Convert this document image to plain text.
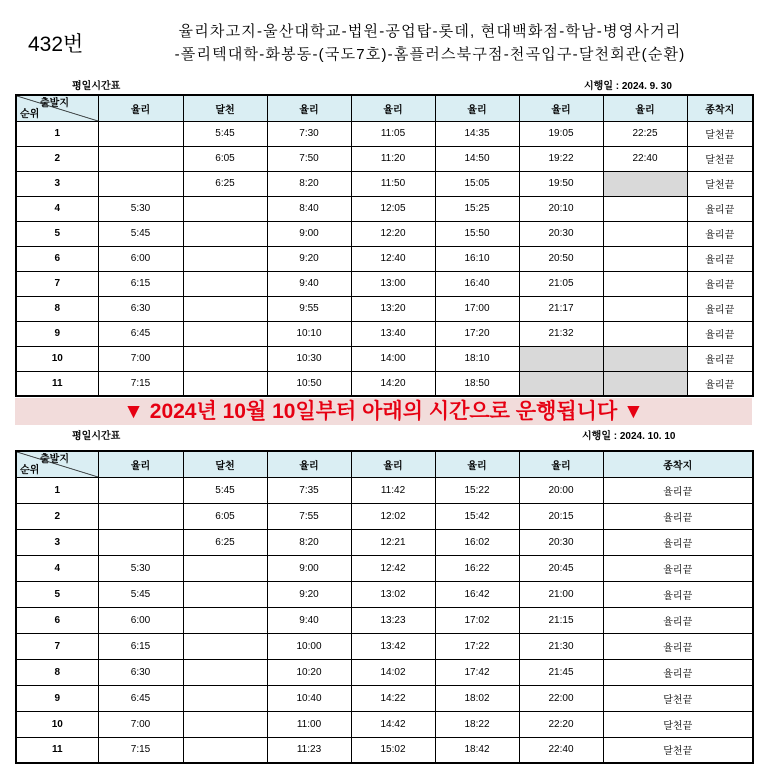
432번
율리차고지-울산대학교-법원-공업탑-롯데, 현대백화점-학남-병영사거리
-폴리텍대학-화봉동-(국도7호)-홈플러스북구점-천곡입구-달천회관(순환)
평일시간표	시행일 : 2024. 9. 30
출발지
순위	율리	달천	율리	율리	율리	율리	율리	종착지
1		5:45	7:30	11:05	14:35	19:05	22:25	달천끝
2		6:05	7:50	11:20	14:50	19:22	22:40	달천끝
3		6:25	8:20	11:50	15:05	19:50		달천끝
4	5:30		8:40	12:05	15:25	20:10		율리끝
5	5:45		9:00	12:20	15:50	20:30		율리끝
6	6:00		9:20	12:40	16:10	20:50		율리끝
7	6:15		9:40	13:00	16:40	21:05		율리끝
8	6:30		9:55	13:20	17:00	21:17		율리끝
9	6:45		10:10	13:40	17:20	21:32		율리끝
10	7:00		10:30	14:00	18:10			율리끝
11	7:15		10:50	14:20	18:50			율리끝
▼ 2024년 10월 10일부터 아래의 시간으로 운행됩니다 ▼
평일시간표	시행일 : 2024. 10. 10
출발지
순위	율리	달천	율리	율리	율리	율리	종착지
1		5:45	7:35	11:42	15:22	20:00	율리끝
2		6:05	7:55	12:02	15:42	20:15	율리끝
3		6:25	8:20	12:21	16:02	20:30	율리끝
4	5:30		9:00	12:42	16:22	20:45	율리끝
5	5:45		9:20	13:02	16:42	21:00	율리끝
6	6:00		9:40	13:23	17:02	21:15	율리끝
7	6:15		10:00	13:42	17:22	21:30	율리끝
8	6:30		10:20	14:02	17:42	21:45	율리끝
9	6:45		10:40	14:22	18:02	22:00	달천끝
10	7:00		11:00	14:42	18:22	22:20	달천끝
11	7:15		11:23	15:02	18:42	22:40	달천끝
